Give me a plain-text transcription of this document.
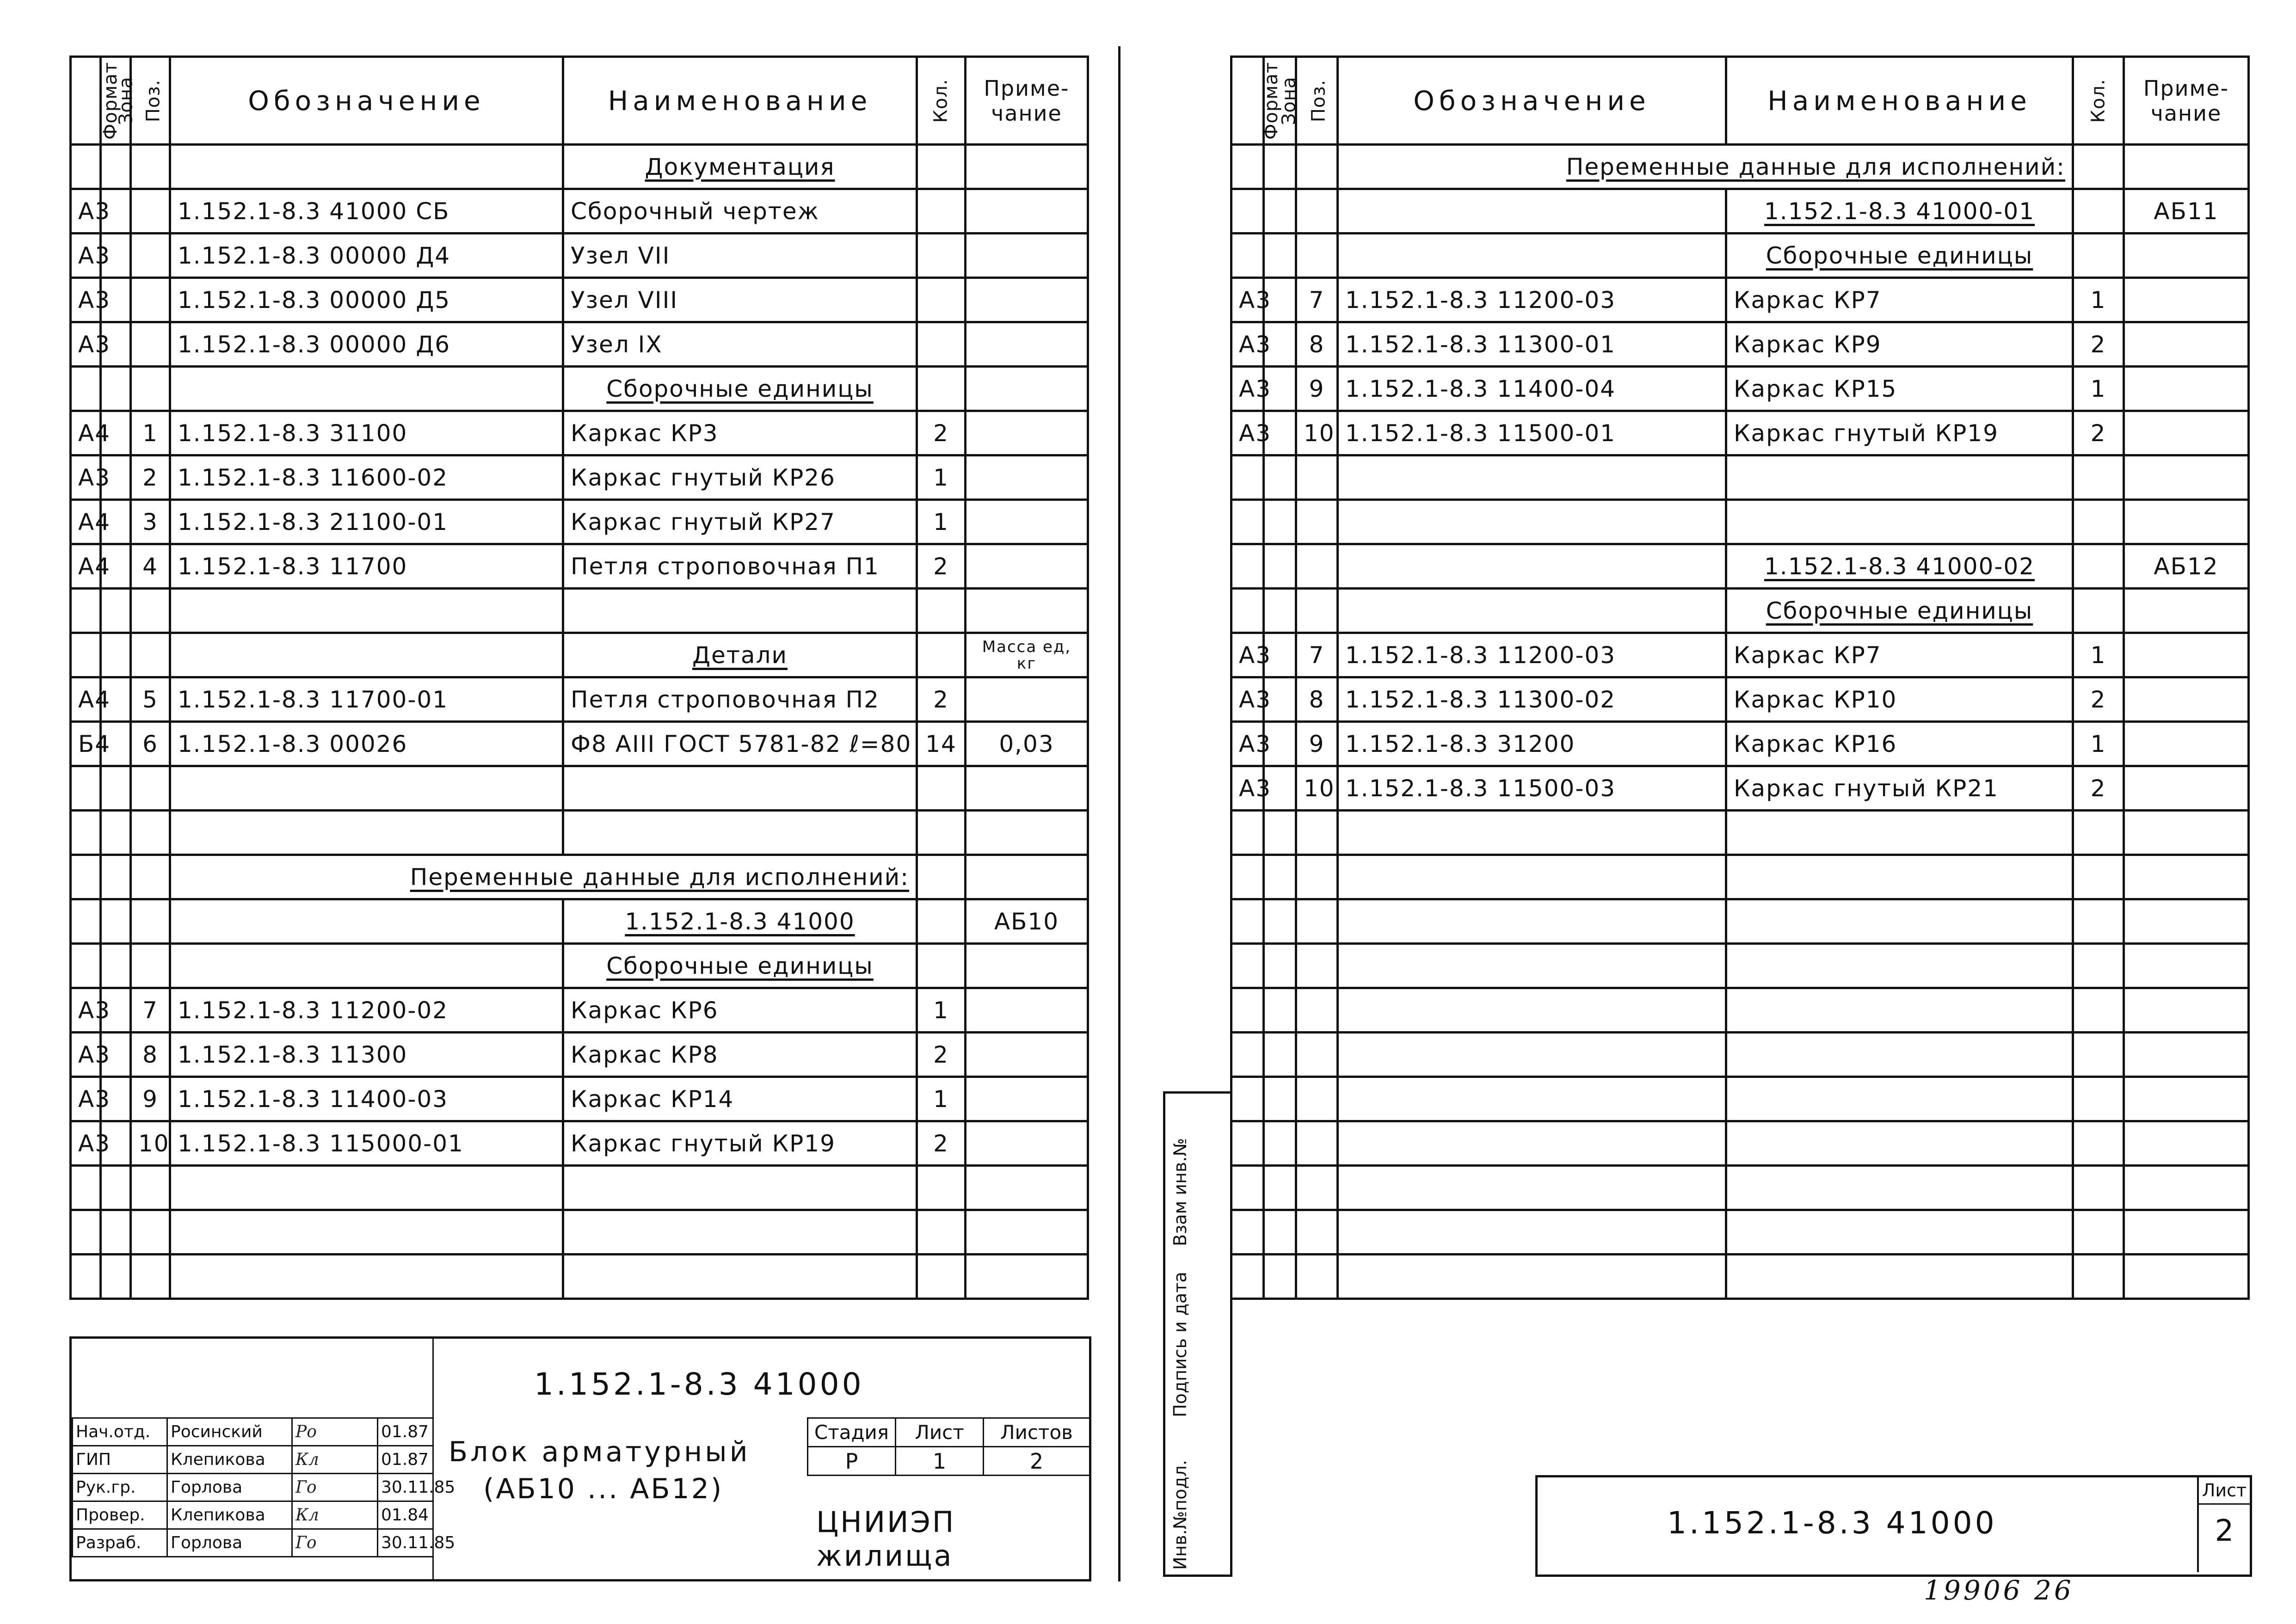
Формат	Зона	Поз.	Обозначение	Наименование	Кол.	Приме-чание
				Документация		
А3			1.152.1-8.3 41000 СБ	Сборочный чертеж		
А3			1.152.1-8.3 00000 Д4	Узел VII		
А3			1.152.1-8.3 00000 Д5	Узел VIII		
А3			1.152.1-8.3 00000 Д6	Узел IX		
				Сборочные единицы		
А4		1	1.152.1-8.3 31100	Каркас КР3	2	
А3		2	1.152.1-8.3 11600-02	Каркас гнутый КР26	1	
А4		3	1.152.1-8.3 21100-01	Каркас гнутый КР27	1	
А4		4	1.152.1-8.3 11700	Петля строповочная П1	2	

				Детали		Масса ед, кг
А4		5	1.152.1-8.3 11700-01	Петля строповочная П2	2	
Б4		6	1.152.1-8.3 00026	Ф8 АIII ГОСТ 5781-82 ℓ=80	14	0,03

			Переменные данные для исполнений:			
				1.152.1-8.3 41000		АБ10
				Сборочные единицы		
А3		7	1.152.1-8.3 11200-02	Каркас КР6	1	
А3		8	1.152.1-8.3 11300	Каркас КР8	2	
А3		9	1.152.1-8.3 11400-03	Каркас КР14	1	
А3		10	1.152.1-8.3 115000-01	Каркас гнутый КР19	2	

1.152.1-8.3 41000
Нач.отд.	Росинский	Ро	01.87
ГИП	Клепикова	Кл	01.87
Рук.гр.	Горлова	Го	30.11.85
Провер.	Клепикова	Кл	01.84
Разраб.	Горлова	Го	30.11.85
Блок арматурный
(АБ10 ... АБ12)
Стадия	Лист	Листов
Р	1	2
ЦНИИЭП жилища	Инв.№подл.
Подпись и дата
Взам инв.№
Формат	Зона	Поз.	Обозначение	Наименование	Кол.	Приме-чание
			Переменные данные для исполнений:			
				1.152.1-8.3 41000-01		АБ11
				Сборочные единицы		
А3		7	1.152.1-8.3 11200-03	Каркас КР7	1	
А3		8	1.152.1-8.3 11300-01	Каркас КР9	2	
А3		9	1.152.1-8.3 11400-04	Каркас КР15	1	
А3		10	1.152.1-8.3 11500-01	Каркас гнутый КР19	2	

				1.152.1-8.3 41000-02		АБ12
				Сборочные единицы		
А3		7	1.152.1-8.3 11200-03	Каркас КР7	1	
А3		8	1.152.1-8.3 11300-02	Каркас КР10	2	
А3		9	1.152.1-8.3 31200	Каркас КР16	1	
А3		10	1.152.1-8.3 11500-03	Каркас гнутый КР21	2	

1.152.1-8.3 41000
Лист
2
19906 26
